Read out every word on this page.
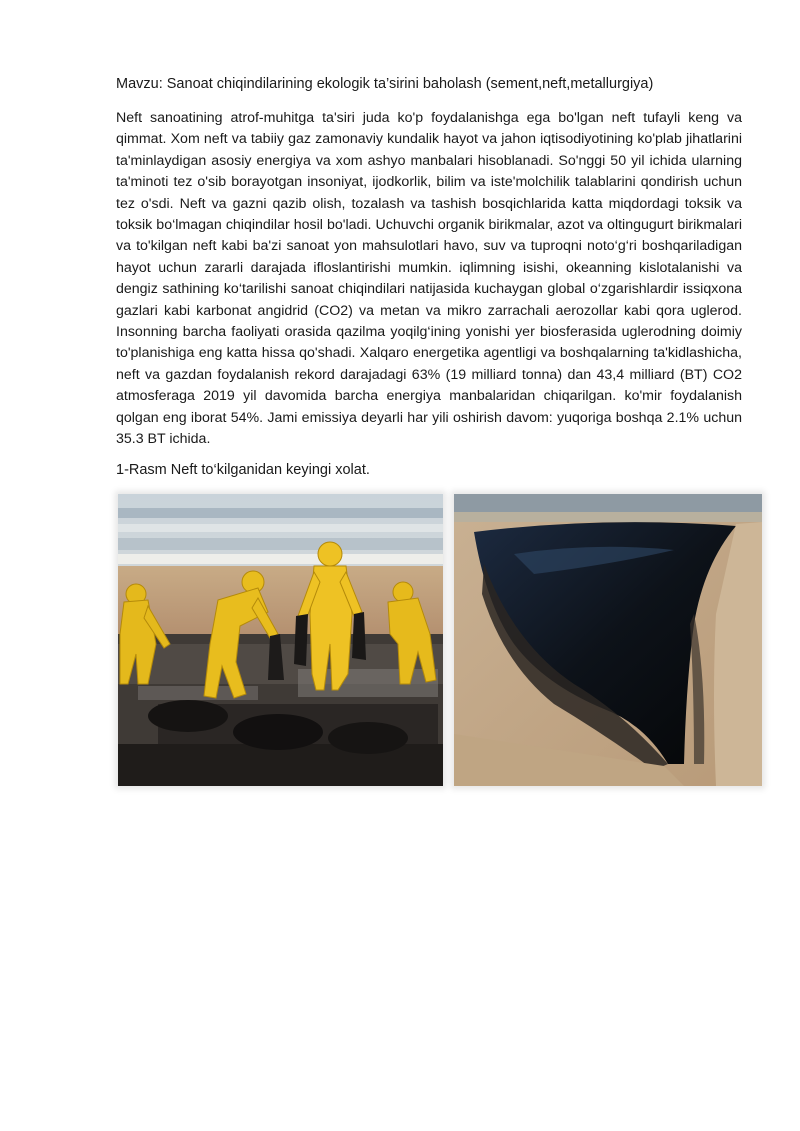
Mavzu: Sanoat chiqindilarining ekologik ta’sirini baholash (sement,neft,metallurgiya)

Neft sanoatining atrof-muhitga ta'siri juda ko'p foydalanishga ega bo'lgan neft tufayli keng va qimmat. Xom neft va tabiiy gaz zamonaviy kundalik hayot va jahon iqtisodiyotining ko'plab jihatlarini ta'minlaydigan asosiy energiya va xom ashyo manbalari hisoblanadi. So'nggi 50 yil ichida ularning ta'minoti tez o'sib borayotgan insoniyat, ijodkorlik, bilim va iste'molchilik talablarini qondirish uchun tez o'sdi. Neft va gazni qazib olish, tozalash va tashish bosqichlarida katta miqdordagi toksik va toksik bo‘lmagan chiqindilar hosil bo'ladi. Uchuvchi organik birikmalar, azot va oltingugurt birikmalari va to'kilgan neft kabi ba'zi sanoat yon mahsulotlari havo, suv va tuproqni noto‘g‘ri boshqariladigan hayot uchun zararli darajada ifloslantirishi mumkin. iqlimning isishi, okeanning kislotalanishi va dengiz sathining ko‘tarilishi sanoat chiqindilari natijasida kuchaygan global o‘zgarishlardir issiqxona gazlari kabi karbonat angidrid (CO2) va metan va mikro zarrachali aerozollar kabi qora uglerod. Insonning barcha faoliyati orasida qazilma yoqilg‘ining yonishi yer biosferasida uglerodning doimiy to'planishiga eng katta hissa qo'shadi. Xalqaro energetika agentligi va boshqalarning ta'kidlashicha, neft va gazdan foydalanish rekord darajadagi 63% (19 milliard tonna) dan 43,4 milliard (BT) CO2 atmosferaga 2019 yil davomida barcha energiya manbalaridan chiqarilgan. ko'mir foydalanish qolgan eng iborat 54%. Jami emissiya deyarli har yili oshirish davom: yuqoriga boshqa 2.1% uchun 35.3 BT ichida.

1-Rasm Neft to‘kilganidan keyingi xolat.
